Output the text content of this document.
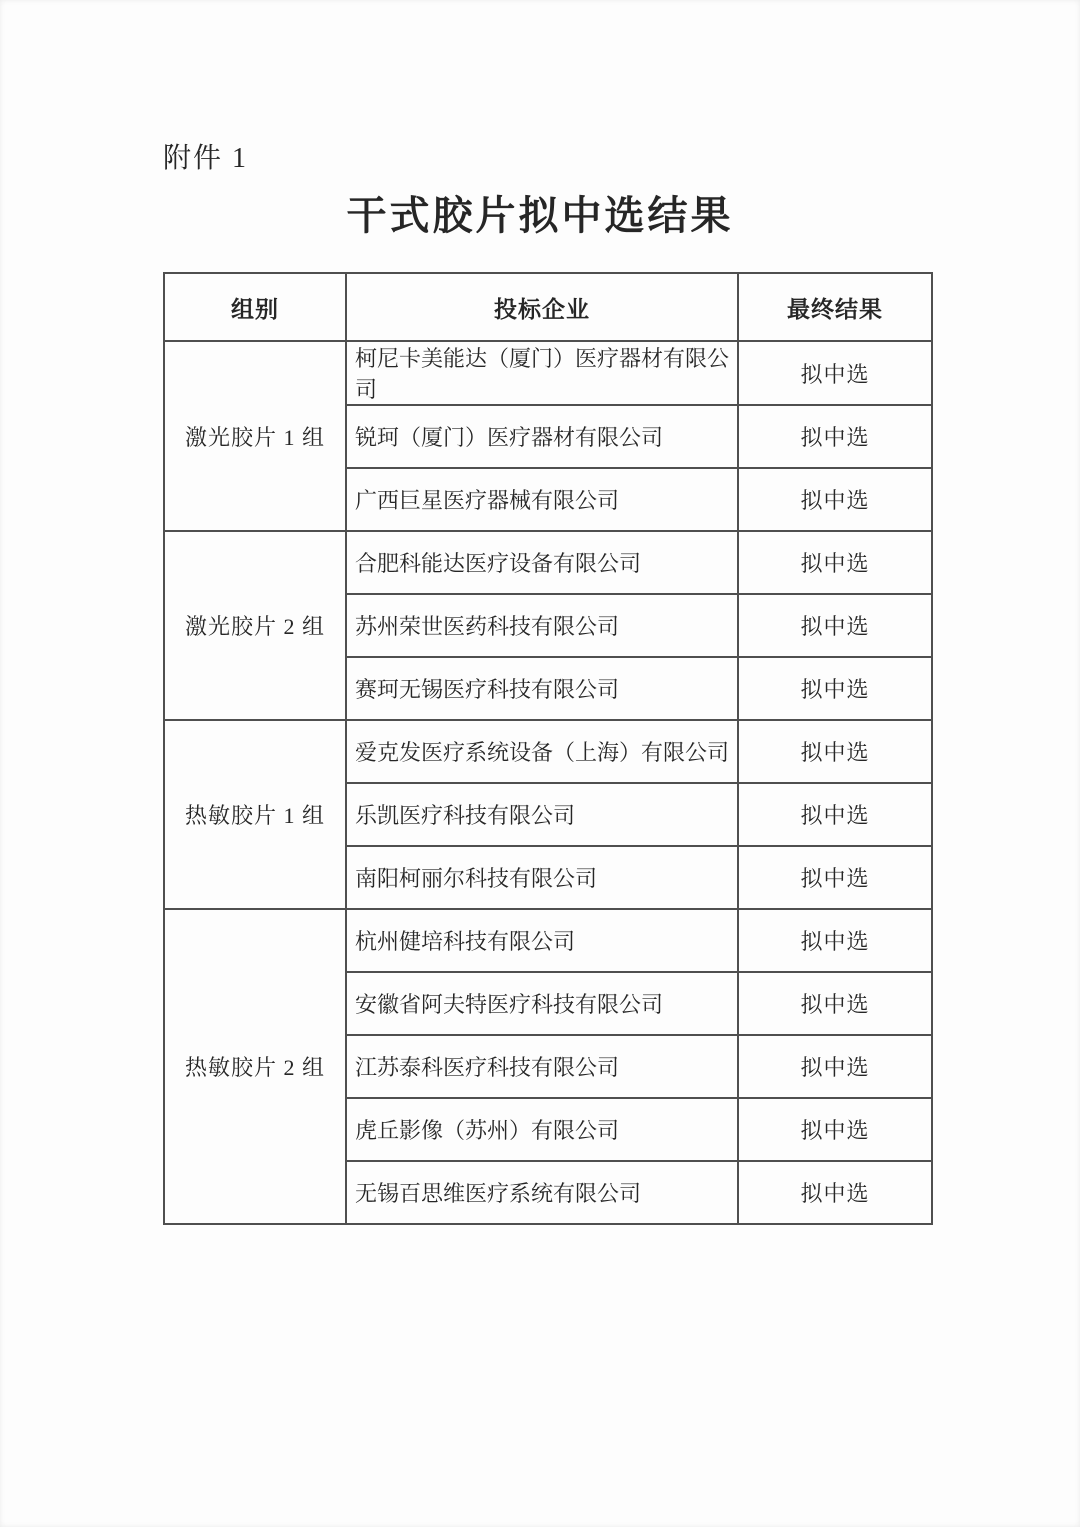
附件 1
干式胶片拟中选结果
组别	投标企业	最终结果
激光胶片 1 组	柯尼卡美能达（厦门）医疗器材有限公司	拟中选
	锐珂（厦门）医疗器材有限公司	拟中选
	广西巨星医疗器械有限公司	拟中选
激光胶片 2 组	合肥科能达医疗设备有限公司	拟中选
	苏州荣世医药科技有限公司	拟中选
	赛珂无锡医疗科技有限公司	拟中选
热敏胶片 1 组	爱克发医疗系统设备（上海）有限公司	拟中选
	乐凯医疗科技有限公司	拟中选
	南阳柯丽尔科技有限公司	拟中选
热敏胶片 2 组	杭州健培科技有限公司	拟中选
	安徽省阿夫特医疗科技有限公司	拟中选
	江苏泰科医疗科技有限公司	拟中选
	虎丘影像（苏州）有限公司	拟中选
	无锡百思维医疗系统有限公司	拟中选
